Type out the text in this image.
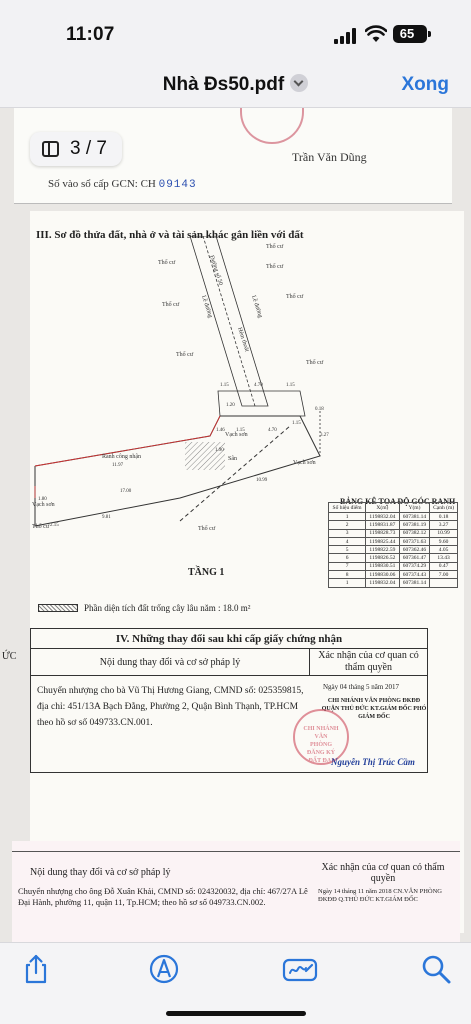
11:07	65
Nhà Đs50.pdf	Xong
Trần Văn Dũng
Số vào sổ cấp GCN: CH 09143
ỨC
III. Sơ đồ thửa đất, nhà ở và tài sản khác gắn liền với đất
Thổ cư
Thổ cư
Thổ cư
Thổ cư
Thổ cư
Thổ cư
Thổ cư
Thổ cư
Đường số 50
Lề đường	Lề đường
Hẻm thoát
Ranh công nhận
Vạch sơn
Vạch sơn
Vạch sơn
Sân
Thổ cư
4.70
1.15	1.15
1.20
1.46 1.15	4.70
1.15
0.18
3.27
11.97
1.90
17.00
10.99
9.81
1.80
2.15
BẢNG KÊ TỌA ĐỘ GÓC RANH
Số hiệu điểm	X(m)	Y(m)	Cạnh (m)
1	1198832.04	607381.14	0.18
2	1198831.87	607381.19	3.27
3	1198828.73	607382.12	10.99
4	1198825.44	607371.63	9.60
5	1198822.59	607362.46	4.05
6	1198826.52	607361.47	13.43
7	1198830.51	607374.29	0.47
8	1198830.06	607374.43	7.00
1	1198832.04	607381.14	
TẦNG 1
Phần diện tích đất trống cây lâu năm : 18.0 m²
IV. Những thay đổi sau khi cấp giấy chứng nhận
Nội dung thay đổi và cơ sở pháp lý
Xác nhận của cơ quan có thẩm quyền
Chuyển nhượng cho bà Vũ Thị Hương Giang, CMND số: 025359815, địa chỉ: 451/13A Bạch Đằng, Phường 2, Quận Bình Thạnh, TP.HCM theo hồ sơ số 049733.CN.001.
Ngày 04 tháng 5 năm 2017
CHI NHÁNH VĂN PHÒNG ĐKĐĐ QUẬN THỦ ĐỨC KT.GIÁM ĐỐC PHÓ GIÁM ĐỐC
CHI NHÁNH VĂN PHÒNG ĐĂNG KÝ ĐẤT ĐAI
Nguyễn Thị Trúc Cầm
Nội dung thay đổi và cơ sở pháp lý	Xác nhận của cơ quan có thẩm quyền
Chuyển nhượng cho ông Đỗ Xuân Khải, CMND số: 024320032, địa chỉ: 467/27A Lê Đại Hành, phường 11, quận 11, Tp.HCM; theo hồ sơ số 049733.CN.002.
Ngày 14 tháng 11 năm 2018 CN.VĂN PHÒNG ĐKĐĐ Q.THỦ ĐỨC KT.GIÁM ĐỐC
3 / 7
